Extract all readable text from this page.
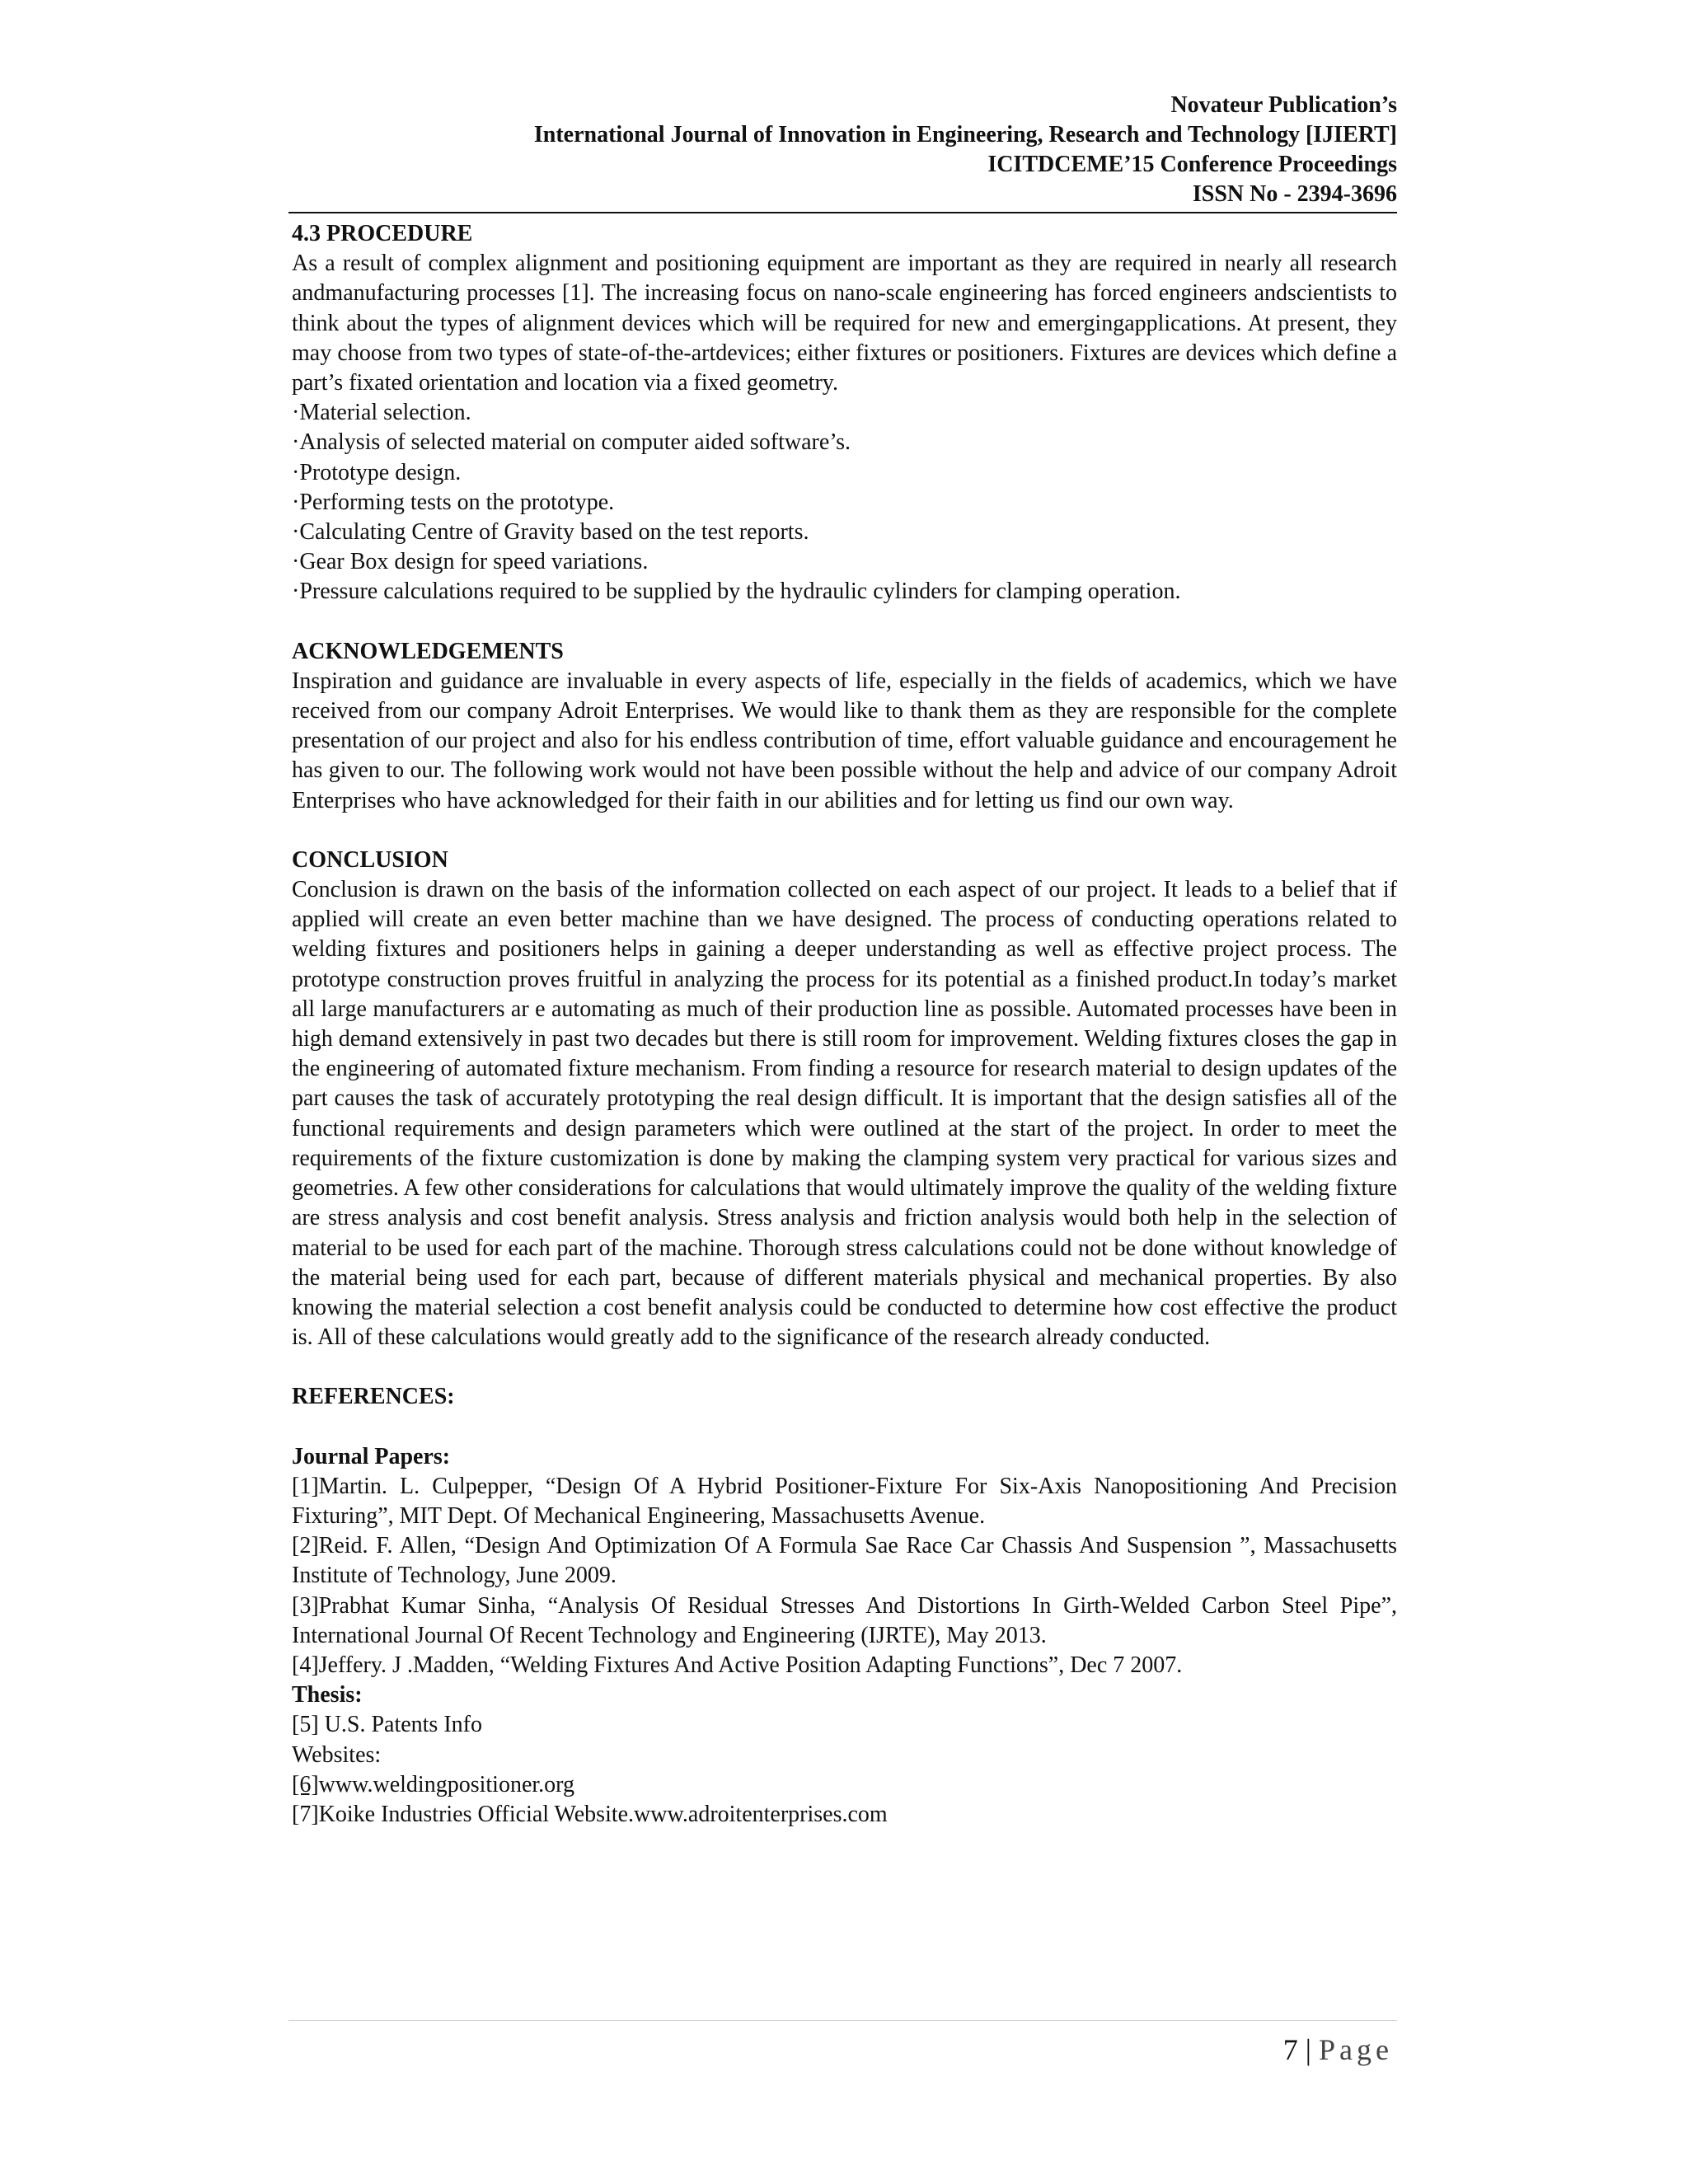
Novateur Publication’s
International Journal of Innovation in Engineering, Research and Technology [IJIERT]
ICITDCEME’15 Conference Proceedings
ISSN No - 2394-3696

4.3 PROCEDURE

As a result of complex alignment and positioning equipment are important as they are required in nearly all research andmanufacturing processes [1]. The increasing focus on nano-scale engineering has forced engineers andscientists to think about the types of alignment devices which will be required for new and emergingapplications. At present, they may choose from two types of state-of-the-artdevices; either fixtures or positioners. Fixtures are devices which define a part’s fixated orientation and location via a fixed geometry.

·Material selection.

·Analysis of selected material on computer aided software’s.

·Prototype design.

·Performing tests on the prototype.

·Calculating Centre of Gravity based on the test reports.

·Gear Box design for speed variations.

·Pressure calculations required to be supplied by the hydraulic cylinders for clamping operation.

ACKNOWLEDGEMENTS

Inspiration and guidance are invaluable in every aspects of life, especially in the fields of academics, which we have received from our company Adroit Enterprises. We would like to thank them as they are responsible for the complete presentation of our project and also for his endless contribution of time, effort valuable guidance and encouragement he has given to our. The following work would not have been possible without the help and advice of our company Adroit Enterprises who have acknowledged for their faith in our abilities and for letting us find our own way.

CONCLUSION

Conclusion is drawn on the basis of the information collected on each aspect of our project. It leads to a belief that if applied will create an even better machine than we have designed. The process of conducting operations related to welding fixtures and positioners helps in gaining a deeper understanding as well as effective project process. The prototype construction proves fruitful in analyzing the process for its potential as a finished product.In today’s market all large manufacturers ar e automating as much of their production line as possible. Automated processes have been in high demand extensively in past two decades but there is still room for improvement. Welding fixtures closes the gap in the engineering of automated fixture mechanism. From finding a resource for research material to design updates of the part causes the task of accurately prototyping the real design difficult. It is important that the design satisfies all of the functional requirements and design parameters which were outlined at the start of the project. In order to meet the requirements of the fixture customization is done by making the clamping system very practical for various sizes and geometries. A few other considerations for calculations that would ultimately improve the quality of the welding fixture are stress analysis and cost benefit analysis. Stress analysis and friction analysis would both help in the selection of material to be used for each part of the machine. Thorough stress calculations could not be done without knowledge of the material being used for each part, because of different materials physical and mechanical properties. By also knowing the material selection a cost benefit analysis could be conducted to determine how cost effective the product is. All of these calculations would greatly add to the significance of the research already conducted.

REFERENCES:

Journal Papers:

[1]Martin. L. Culpepper, “Design Of A Hybrid Positioner-Fixture For Six-Axis Nanopositioning And Precision Fixturing”, MIT Dept. Of Mechanical Engineering, Massachusetts Avenue.

[2]Reid. F. Allen, “Design And Optimization Of A Formula Sae Race Car Chassis And Suspension ”, Massachusetts Institute of Technology, June 2009.

[3]Prabhat Kumar Sinha, “Analysis Of Residual Stresses And Distortions In Girth-Welded Carbon Steel Pipe”, International Journal Of Recent Technology and Engineering (IJRTE), May 2013.

[4]Jeffery. J .Madden, “Welding Fixtures And Active Position Adapting Functions”, Dec 7 2007.

Thesis:

[5] U.S. Patents Info

Websites:

[6]www.weldingpositioner.org

[7]Koike Industries Official Website.www.adroitenterprises.com

7 | Page
